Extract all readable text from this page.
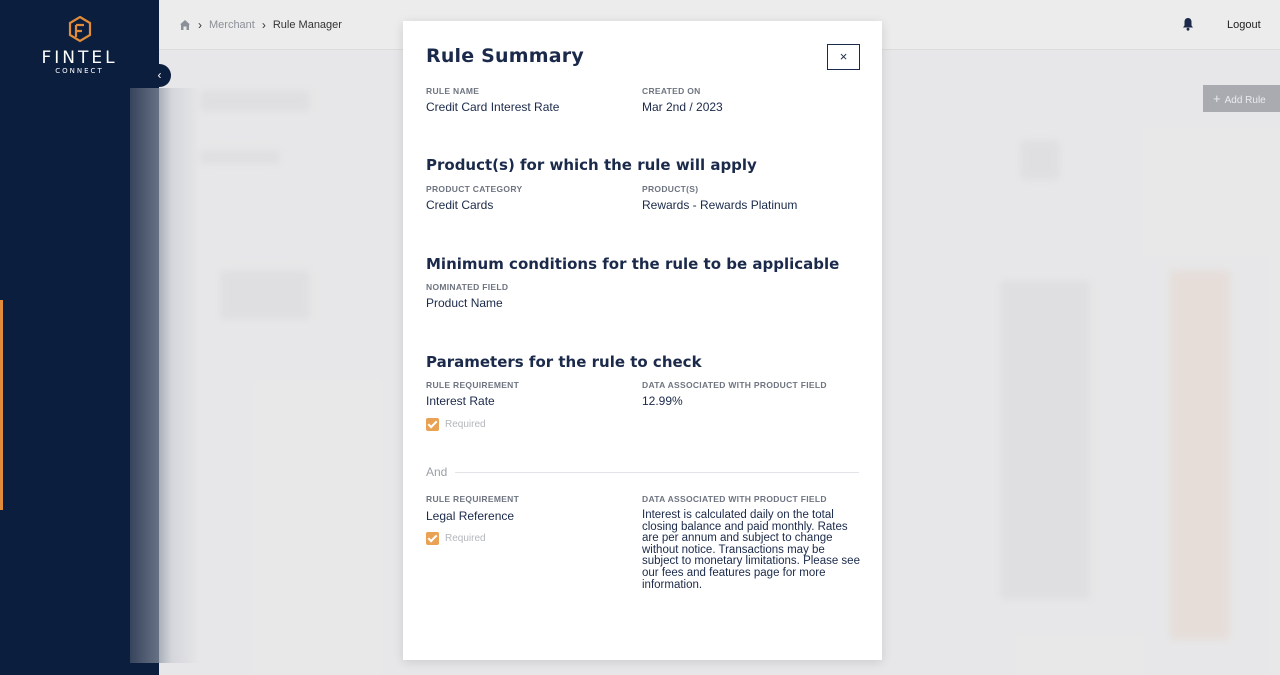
FINTEL
CONNECT	‹
› Merchant › Rule Manager	Logout
+ Add Rule
Rule Summary	×
RULE NAME
Credit Card Interest Rate
CREATED ON
Mar 2nd / 2023
Product(s) for which the rule will apply
PRODUCT CATEGORY
Credit Cards
PRODUCT(S)
Rewards - Rewards Platinum
Minimum conditions for the rule to be applicable
NOMINATED FIELD
Product Name
Parameters for the rule to check
RULE REQUIREMENT
Interest Rate
DATA ASSOCIATED WITH PRODUCT FIELD
12.99%
Required
And
RULE REQUIREMENT
Legal Reference
DATA ASSOCIATED WITH PRODUCT FIELD
Interest is calculated daily on the total closing balance and paid monthly. Rates are per annum and subject to change without notice. Transactions may be subject to monetary limitations. Please see our fees and features page for more information.
Required
